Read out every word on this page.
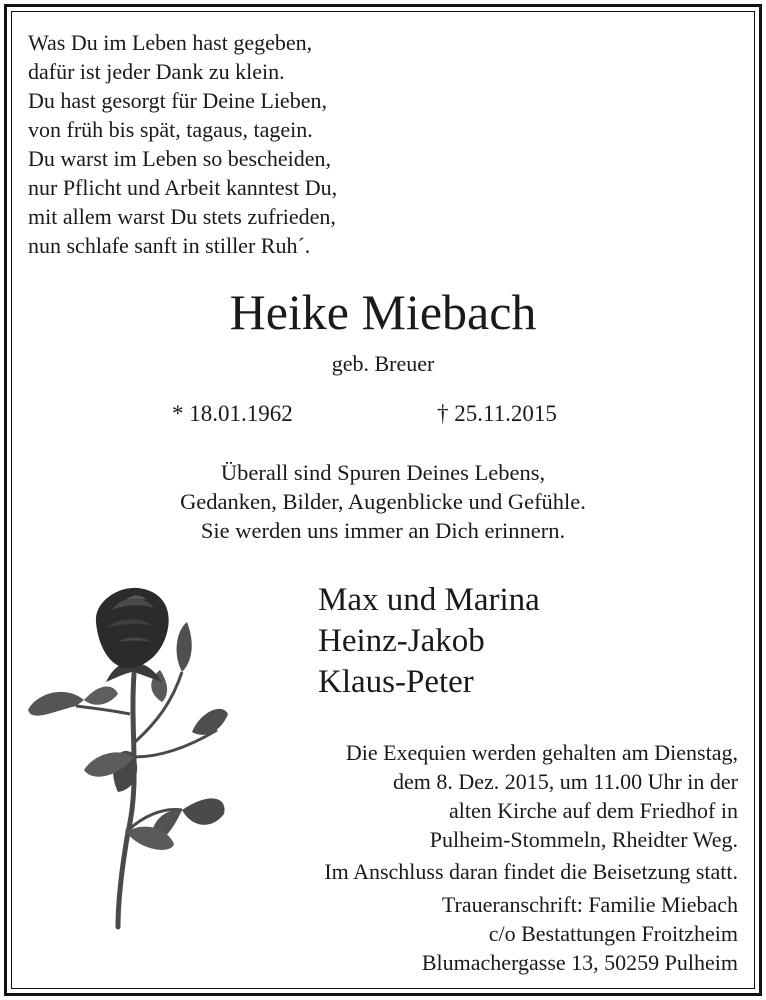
Was Du im Leben hast gegeben,
dafür ist jeder Dank zu klein.
Du hast gesorgt für Deine Lieben,
von früh bis spät, tagaus, tagein.
Du warst im Leben so bescheiden,
nur Pflicht und Arbeit kanntest Du,
mit allem warst Du stets zufrieden,
nun schlafe sanft in stiller Ruh´.
Heike Miebach
geb. Breuer
* 18.01.1962	† 25.11.2015
Überall sind Spuren Deines Lebens,
Gedanken, Bilder, Augenblicke und Gefühle.
Sie werden uns immer an Dich erinnern.
Max und Marina
Heinz-Jakob
Klaus-Peter
Die Exequien werden gehalten am Dienstag,
dem 8. Dez. 2015, um 11.00 Uhr in der
alten Kirche auf dem Friedhof in
Pulheim-Stommeln, Rheidter Weg.
Im Anschluss daran findet die Beisetzung statt.
Traueranschrift: Familie Miebach
c/o Bestattungen Froitzheim
Blumachergasse 13, 50259 Pulheim
